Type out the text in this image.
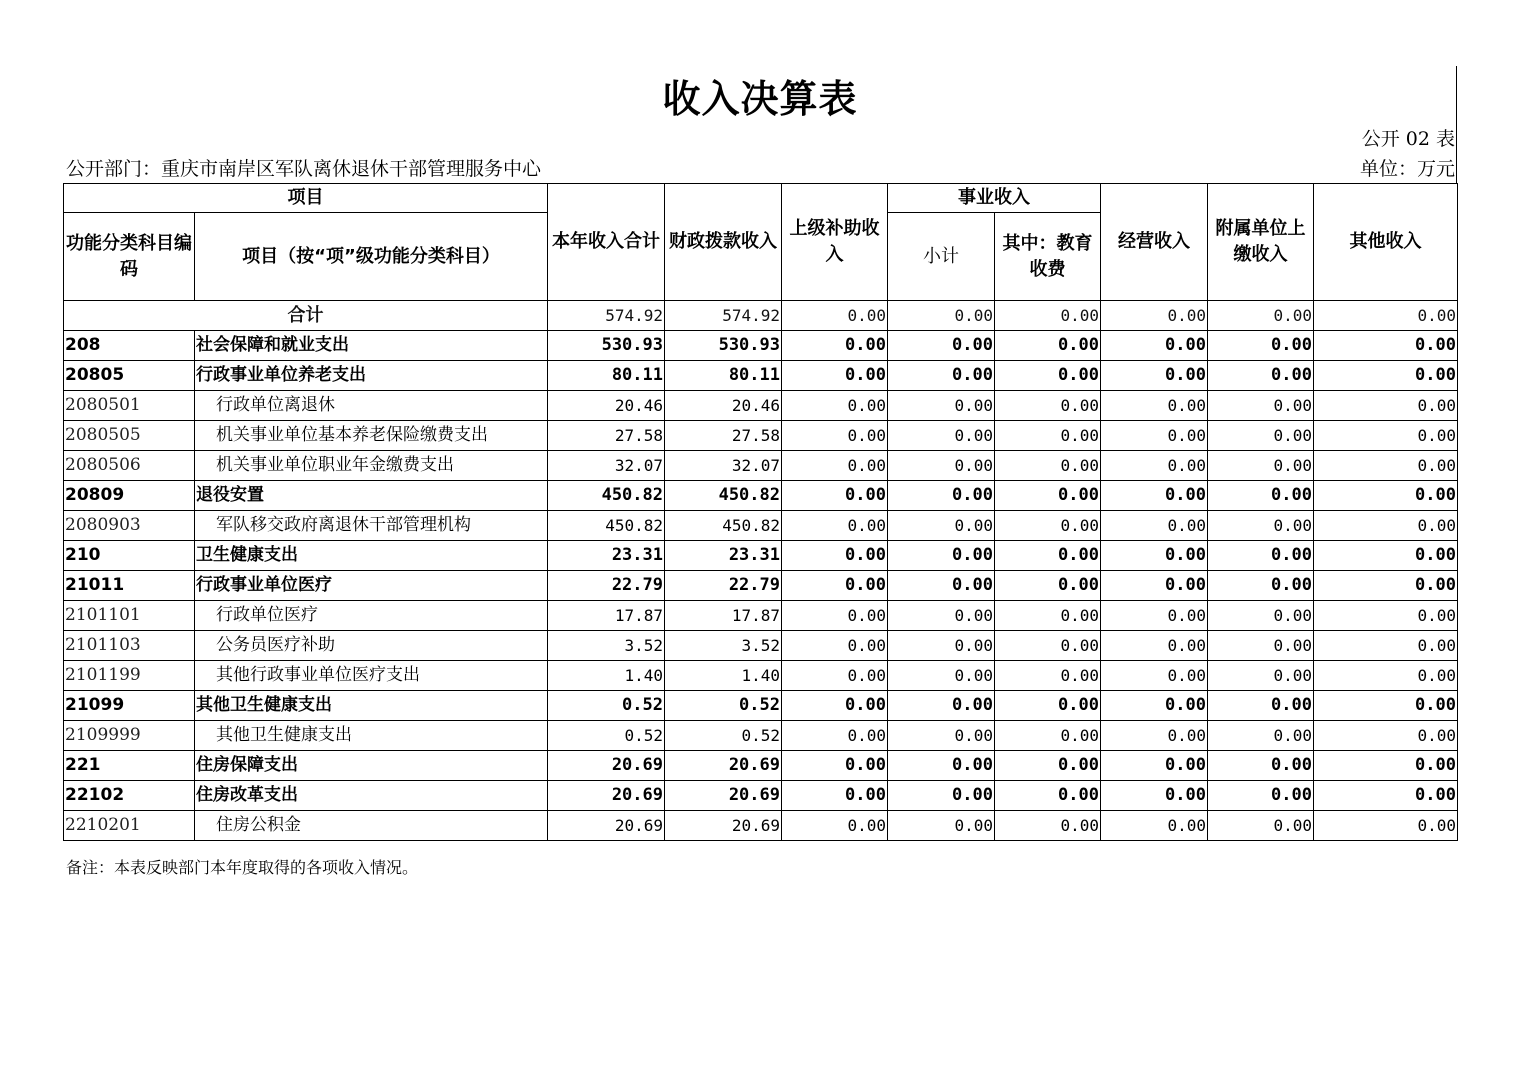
收入决算表
公开 02 表
公开部门：重庆市南岸区军队离休退休干部管理服务中心	单位：万元
项目		本年收入合计	财政拨款收入	上级补助收入	事业收入		经营收入	附属单位上缴收入	其他收入
功能分类科目编码	项目（按“项”级功能分类科目）				小计	其中：教育收费			
合计		574.92	574.92	0.00	0.00	0.00	0.00	0.00	0.00
208	社会保障和就业支出	530.93	530.93	0.00	0.00	0.00	0.00	0.00	0.00
20805	行政事业单位养老支出	80.11	80.11	0.00	0.00	0.00	0.00	0.00	0.00
2080501	行政单位离退休	20.46	20.46	0.00	0.00	0.00	0.00	0.00	0.00
2080505	机关事业单位基本养老保险缴费支出	27.58	27.58	0.00	0.00	0.00	0.00	0.00	0.00
2080506	机关事业单位职业年金缴费支出	32.07	32.07	0.00	0.00	0.00	0.00	0.00	0.00
20809	退役安置	450.82	450.82	0.00	0.00	0.00	0.00	0.00	0.00
2080903	军队移交政府离退休干部管理机构	450.82	450.82	0.00	0.00	0.00	0.00	0.00	0.00
210	卫生健康支出	23.31	23.31	0.00	0.00	0.00	0.00	0.00	0.00
21011	行政事业单位医疗	22.79	22.79	0.00	0.00	0.00	0.00	0.00	0.00
2101101	行政单位医疗	17.87	17.87	0.00	0.00	0.00	0.00	0.00	0.00
2101103	公务员医疗补助	3.52	3.52	0.00	0.00	0.00	0.00	0.00	0.00
2101199	其他行政事业单位医疗支出	1.40	1.40	0.00	0.00	0.00	0.00	0.00	0.00
21099	其他卫生健康支出	0.52	0.52	0.00	0.00	0.00	0.00	0.00	0.00
2109999	其他卫生健康支出	0.52	0.52	0.00	0.00	0.00	0.00	0.00	0.00
221	住房保障支出	20.69	20.69	0.00	0.00	0.00	0.00	0.00	0.00
22102	住房改革支出	20.69	20.69	0.00	0.00	0.00	0.00	0.00	0.00
2210201	住房公积金	20.69	20.69	0.00	0.00	0.00	0.00	0.00	0.00
备注：本表反映部门本年度取得的各项收入情况。
